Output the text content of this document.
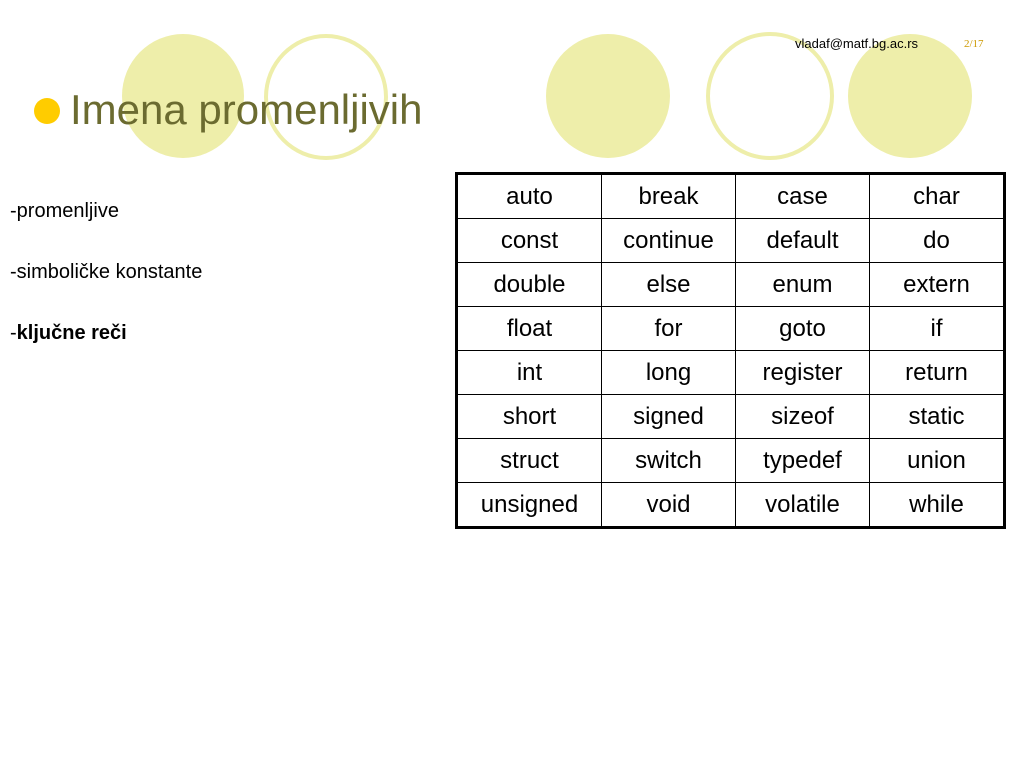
vladaf@matf.bg.ac.rs	2/17
Imena promenljivih
-promenljive
-simboličke konstante
-ključne reči
auto	break	case	char
const	continue	default	do
double	else	enum	extern
float	for	goto	if
int	long	register	return
short	signed	sizeof	static
struct	switch	typedef	union
unsigned	void	volatile	while
